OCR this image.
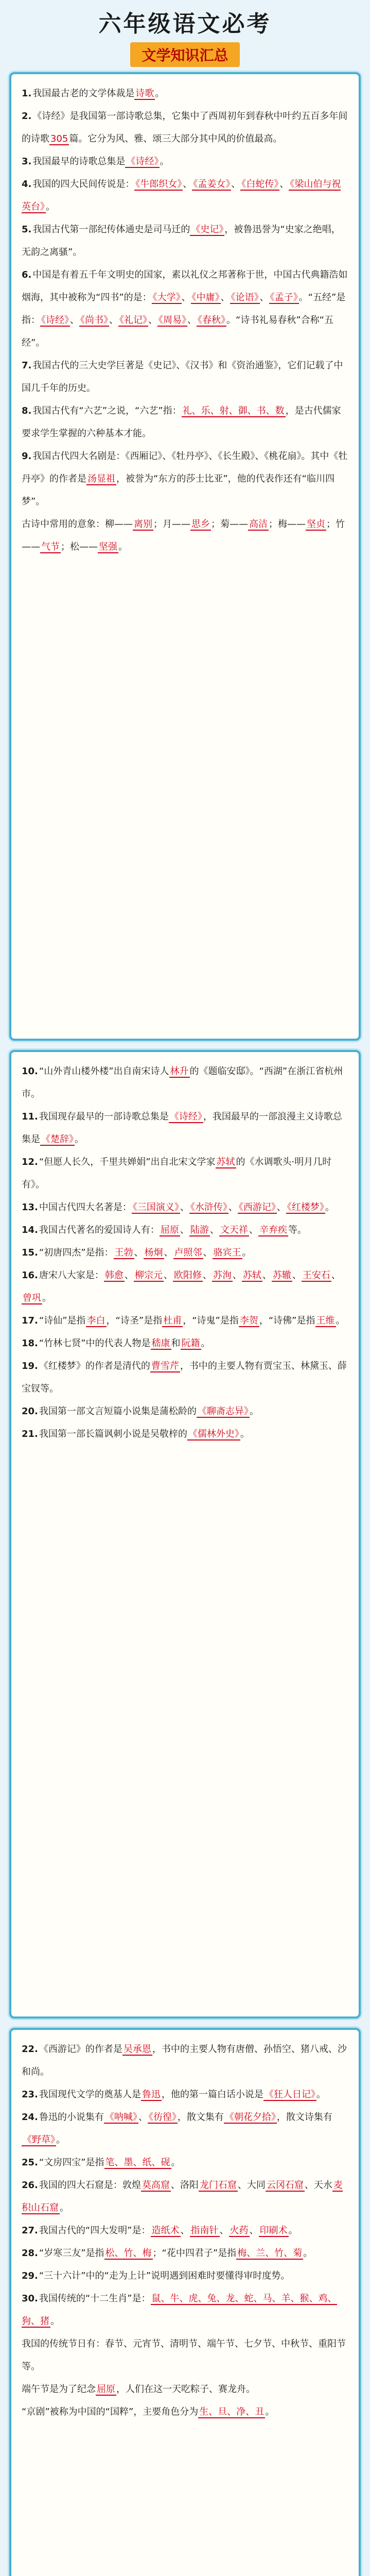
六年级语文必考
文学知识汇总

1. 我国最古老的文学体裁是 诗歌 。

2. 《诗经》是我国第一部诗歌总集，它集中了西周初年到春秋中叶约五百多年间的诗歌 305 篇。它分为风、雅、颂三大部分其中风的价值最高。

3. 我国最早的诗歌总集是 《诗经》 。

4. 我国的四大民间传说是： 《牛郎织女》 、 《孟姜女》 、 《白蛇传》 、 《梁山伯与祝英台》 。

5. 我国古代第一部纪传体通史是司马迁的 《史记》 ，被鲁迅誉为“史家之绝唱，无韵之离骚”。

6. 中国是有着五千年文明史的国家，素以礼仪之邦著称于世，中国古代典籍浩如烟海，其中被称为“四书”的是： 《大学》 、 《中庸》 、 《论语》 、 《孟子》 。“五经”是指： 《诗经》 、 《尚书》 、 《礼记》 、 《周易》 、 《春秋》 。“诗书礼易春秋”合称“五经”。

7. 我国古代的三大史学巨著是《史记》、《汉书》和《资治通鉴》，它们记载了中国几千年的历史。

8. 我国古代有“六艺”之说，“六艺”指： 礼、乐、射、御、书、数 ，是古代儒家要求学生掌握的六种基本才能。

9. 我国古代四大名剧是：《西厢记》、《牡丹亭》、《长生殿》、《桃花扇》。其中《牡丹亭》的作者是 汤显祖 ，被誉为“东方的莎士比亚”，他的代表作还有“临川四梦”。

古诗中常用的意象：柳—— 离别 ；月—— 思乡 ；菊—— 高洁 ；梅—— 坚贞 ；竹—— 气节 ；松—— 坚强 。

10. “山外青山楼外楼”出自南宋诗人 林升 的《题临安邸》。“西湖”在浙江省杭州市。

11. 我国现存最早的一部诗歌总集是 《诗经》 ，我国最早的一部浪漫主义诗歌总集是 《楚辞》 。

12. “但愿人长久，千里共婵娟”出自北宋文学家 苏轼 的《水调歌头·明月几时有》。

13. 中国古代四大名著是： 《三国演义》 、 《水浒传》 、 《西游记》 、 《红楼梦》 。

14. 我国古代著名的爱国诗人有： 屈原 、 陆游 、 文天祥 、 辛弃疾 等。

15. “初唐四杰”是指： 王勃 、 杨炯 、 卢照邻 、 骆宾王 。

16. 唐宋八大家是： 韩愈 、 柳宗元 、 欧阳修 、 苏洵 、 苏轼 、 苏辙 、 王安石 、曾巩 。

17. “诗仙”是指 李白 ，“诗圣”是指 杜甫 ，“诗鬼”是指 李贺 ，“诗佛”是指 王维 。

18. “竹林七贤”中的代表人物是 嵇康 和 阮籍 。

19. 《红楼梦》的作者是清代的 曹雪芹 ，书中的主要人物有贾宝玉、林黛玉、薛宝钗等。

20. 我国第一部文言短篇小说集是蒲松龄的 《聊斋志异》 。

21. 我国第一部长篇讽刺小说是吴敬梓的 《儒林外史》 。

22. 《西游记》的作者是 吴承恩 ，书中的主要人物有唐僧、孙悟空、猪八戒、沙和尚。

23. 我国现代文学的奠基人是 鲁迅 ，他的第一篇白话小说是 《狂人日记》 。

24. 鲁迅的小说集有 《呐喊》 、 《彷徨》 ，散文集有 《朝花夕拾》 ，散文诗集有《野草》 。

25. “文房四宝”是指 笔、墨、纸、砚 。

26. 我国的四大石窟是：敦煌 莫高窟 、洛阳 龙门石窟 、大同 云冈石窟 、天水 麦积山石窟 。

27. 我国古代的“四大发明”是： 造纸术 、 指南针 、 火药 、 印刷术 。

28. “岁寒三友”是指 松、竹、梅 ；“花中四君子”是指 梅、兰、竹、菊 。

29. “三十六计”中的“走为上计”说明遇到困难时要懂得审时度势。

30. 我国传统的“十二生肖”是： 鼠、牛、虎、兔、龙、蛇、马、羊、猴、鸡、狗、猪 。

我国的传统节日有：春节、元宵节、清明节、端午节、七夕节、中秋节、重阳节等。

端午节是为了纪念 屈原 ，人们在这一天吃粽子、赛龙舟。

“京剧”被称为中国的“国粹”，主要角色分为 生、旦、净、丑 。
